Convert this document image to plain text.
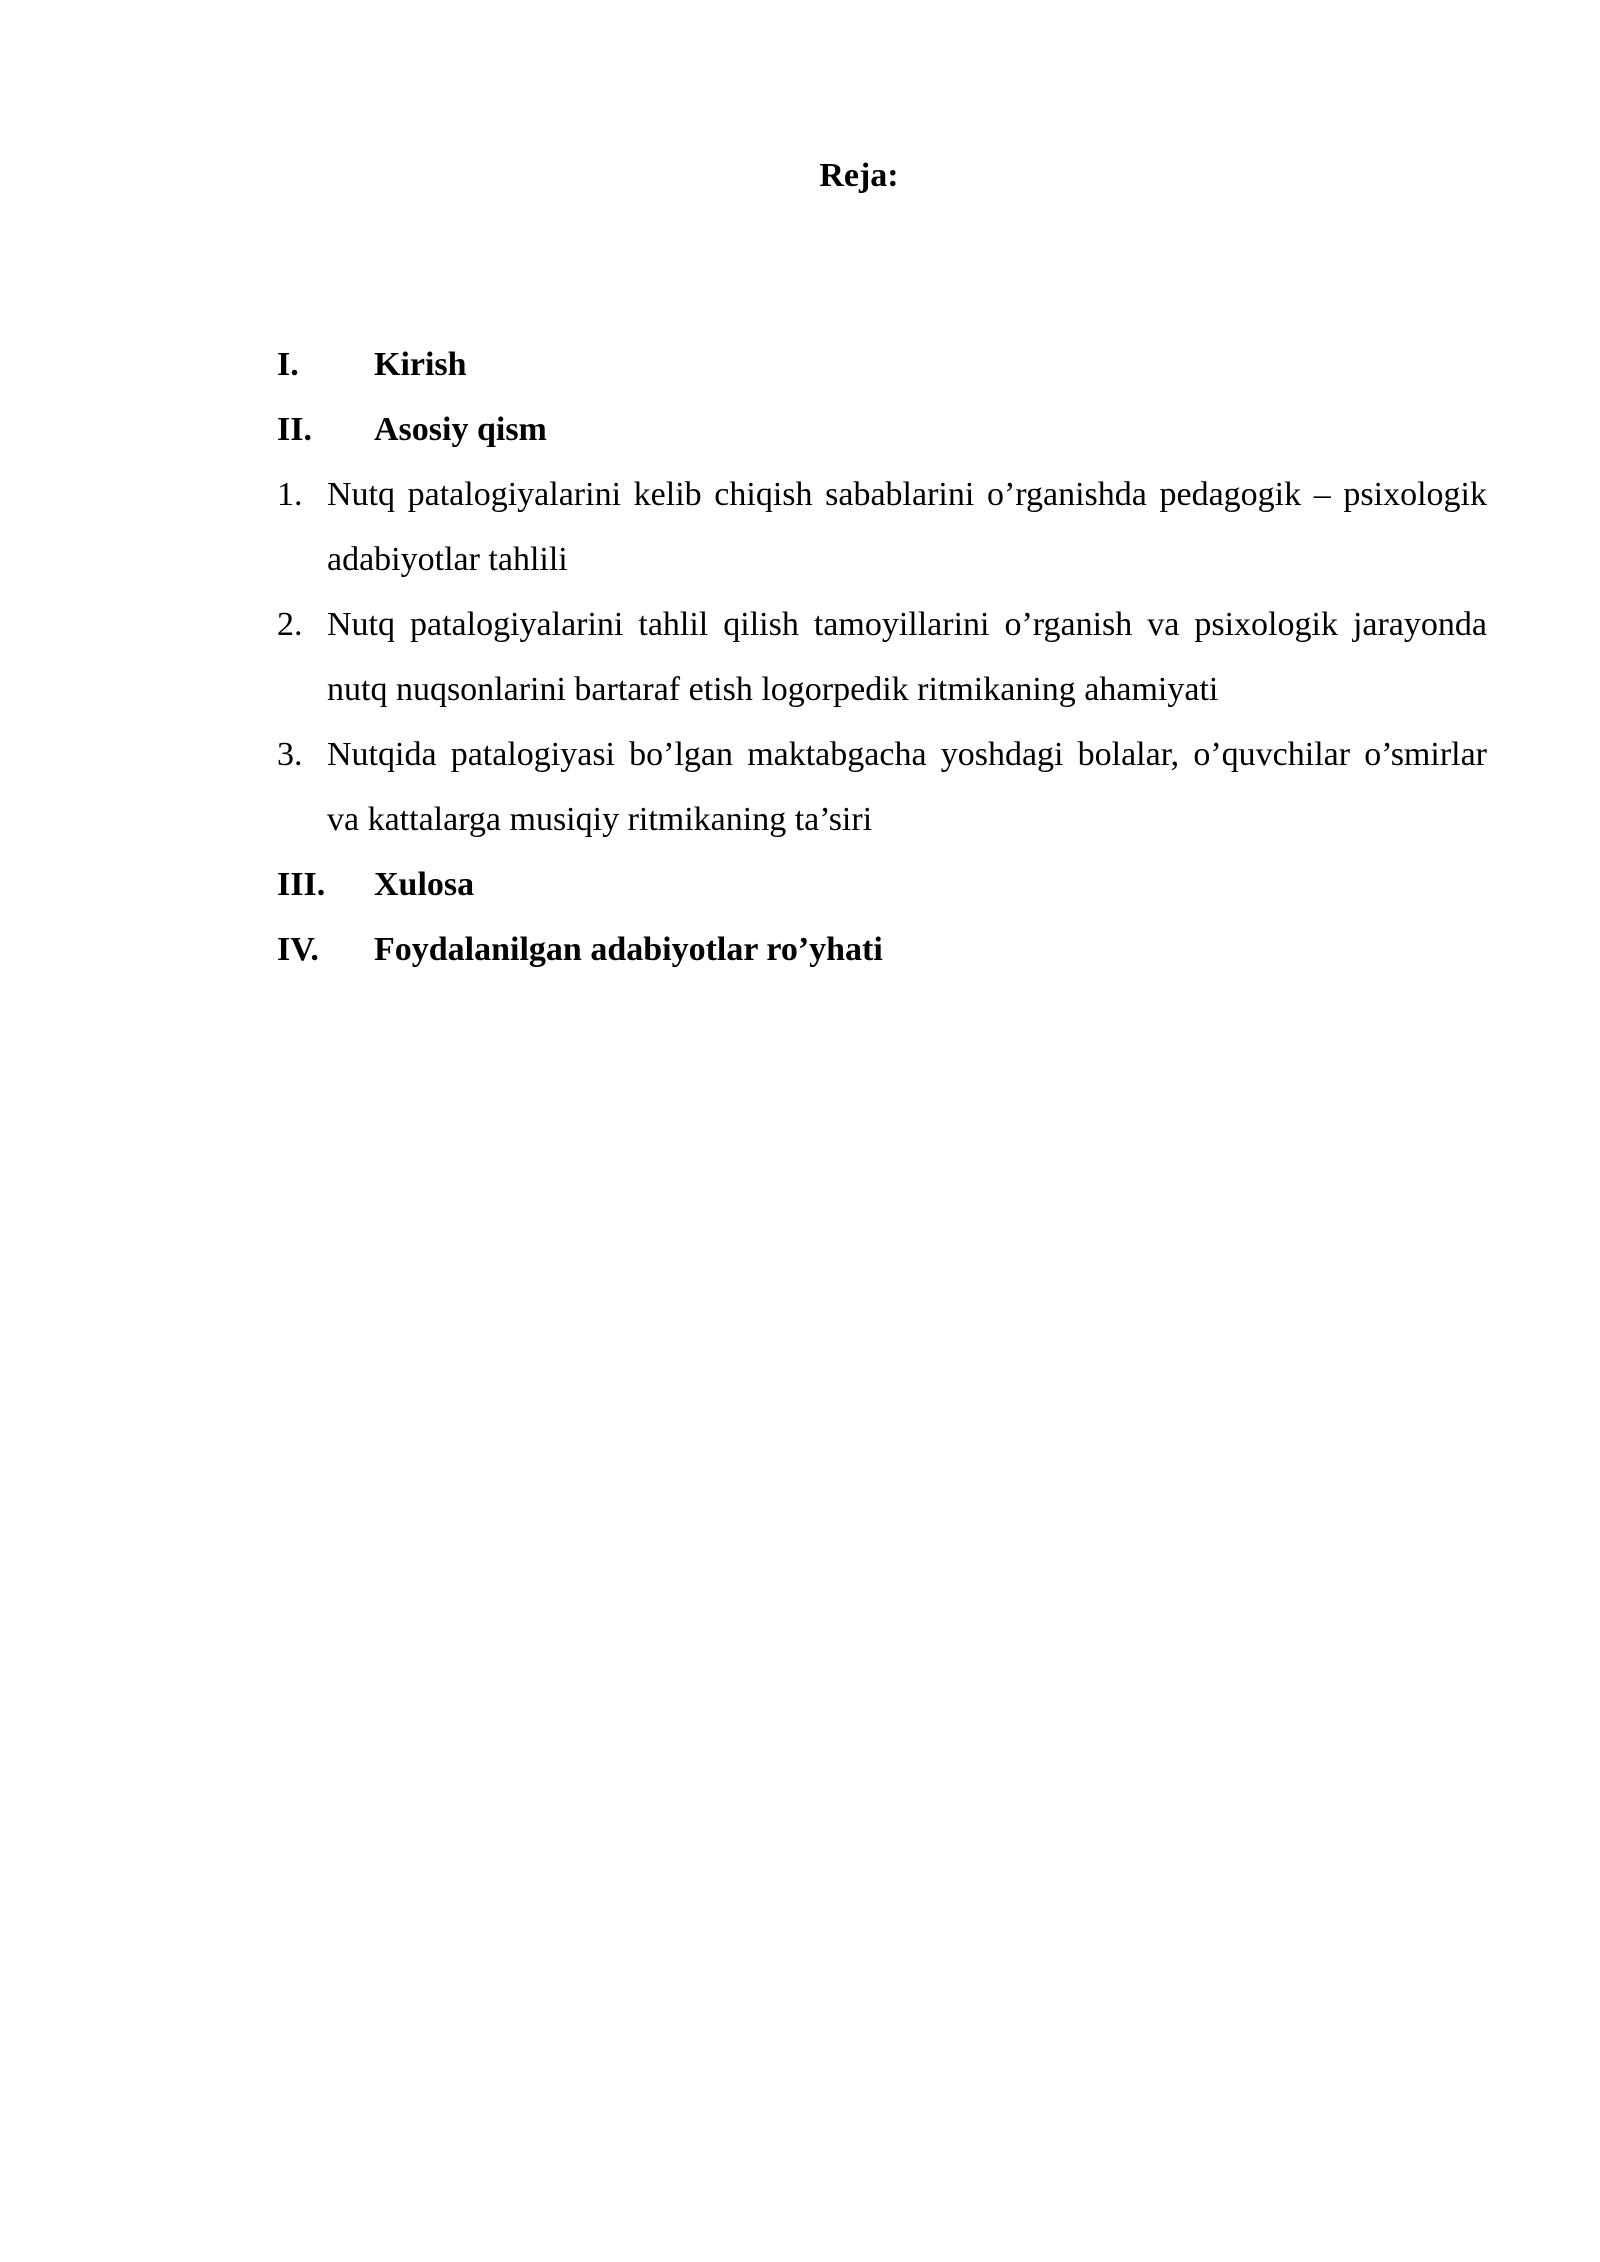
Reja:
I.	Kirish
II.	Asosiy qism
1. Nutq patalogiyalarini kelib chiqish sabablarini o’rganishda pedagogik – psixologik adabiyotlar tahlili
2. Nutq patalogiyalarini tahlil qilish tamoyillarini o’rganish va psixologik jarayonda nutq nuqsonlarini bartaraf etish logorpedik ritmikaning ahamiyati
3. Nutqida patalogiyasi bo’lgan maktabgacha yoshdagi bolalar, o’quvchilar o’smirlar va kattalarga musiqiy ritmikaning ta’siri
III.	Xulosa
IV.	Foydalanilgan adabiyotlar ro’yhati
